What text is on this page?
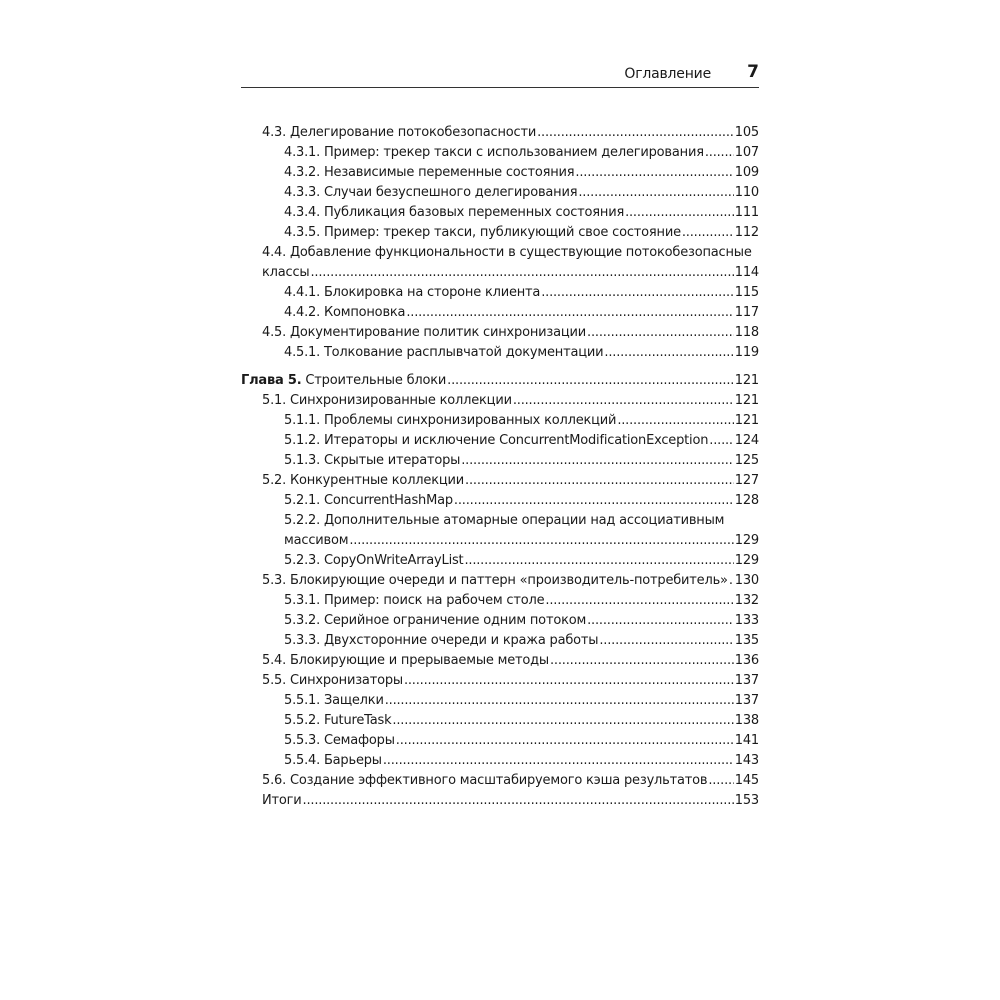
Оглавление 7
4.3. Делегирование потокобезопасности .....	105
4.3.1. Пример: трекер такси с использованием делегирования ..... 107
4.3.2. Независимые переменные состояния .....	109
4.3.3. Случаи безуспешного делегирования .....	110
4.3.4. Публикация базовых переменных состояния .....	111
4.3.5. Пример: трекер такси, публикующий свое состояние .....	112
4.4. Добавление функциональности в существующие потокобезопасные
классы .....	114
4.4.1. Блокировка на стороне клиента .....	115
4.4.2. Компоновка .....	117
4.5. Документирование политик синхронизации .....	118
4.5.1. Толкование расплывчатой документации .....	119
Глава 5. Строительные блоки .....	121
5.1. Синхронизированные коллекции .....	121
5.1.1. Проблемы синхронизированных коллекций .....	121
5.1.2. Итераторы и исключение ConcurrentModificationException ..... 124
5.1.3. Скрытые итераторы .....	125
5.2. Конкурентные коллекции .....	127
5.2.1. ConcurrentHashMap .....	128
5.2.2. Дополнительные атомарные операции над ассоциативным
массивом .....	129
5.2.3. CopyOnWriteArrayList .....	129
5.3. Блокирующие очереди и паттерн «производитель-потребитель» ..... 130
5.3.1. Пример: поиск на рабочем столе .....	132
5.3.2. Серийное ограничение одним потоком .....	133
5.3.3. Двухсторонние очереди и кража работы .....	135
5.4. Блокирующие и прерываемые методы .....	136
5.5. Синхронизаторы .....	137
5.5.1. Защелки .....	137
5.5.2. FutureTask .....	138
5.5.3. Семафоры .....	141
5.5.4. Барьеры .....	143
5.6. Создание эффективного масштабируемого кэша результатов ..... 145
Итоги .....	153
